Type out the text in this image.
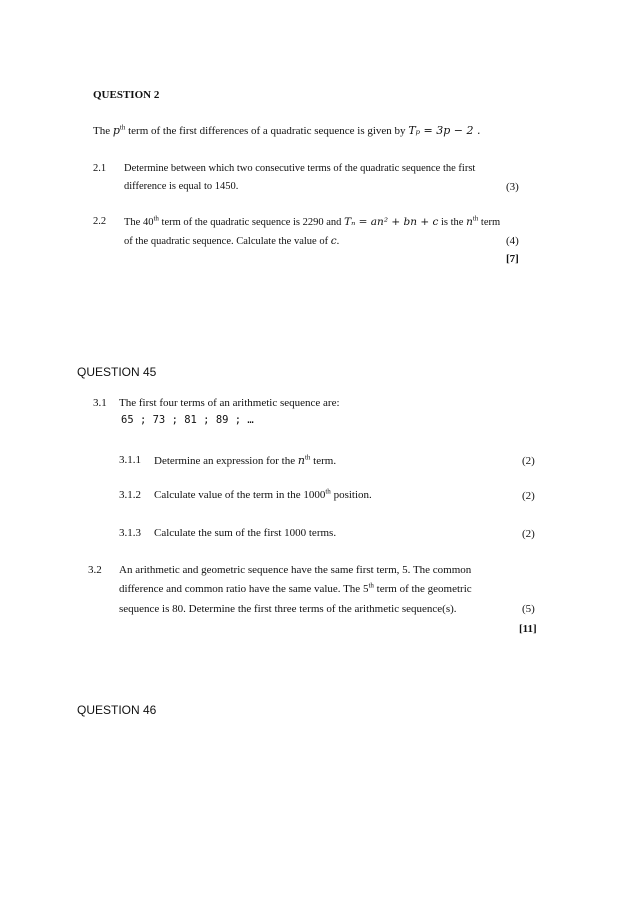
QUESTION 2
The $p^{th}$ term of the first differences of a quadratic sequence is given by Tₚ = 3p − 2 .
2.1 Determine between which two consecutive terms of the quadratic sequence the first
difference is equal to 1450.	(3)
2.2 The 40th term of the quadratic sequence is 2290 and Tₙ = an² + bn + c is the $n^{th}$ term
of the quadratic sequence. Calculate the value of c.	(4)
[7]
QUESTION 45
3.1 The first four terms of an arithmetic sequence are:
65 ; 73 ; 81 ; 89 ; …
3.1.1 Determine an expression for the $n^{th}$ term.	(2)
3.1.2 Calculate value of the term in the 1000th position.	(2)
3.1.3 Calculate the sum of the first 1000 terms.	(2)
3.2 An arithmetic and geometric sequence have the same first term, 5. The common
difference and common ratio have the same value. The 5th term of the geometric
sequence is 80. Determine the first three terms of the arithmetic sequence(s).	(5)
[11]
QUESTION 46
